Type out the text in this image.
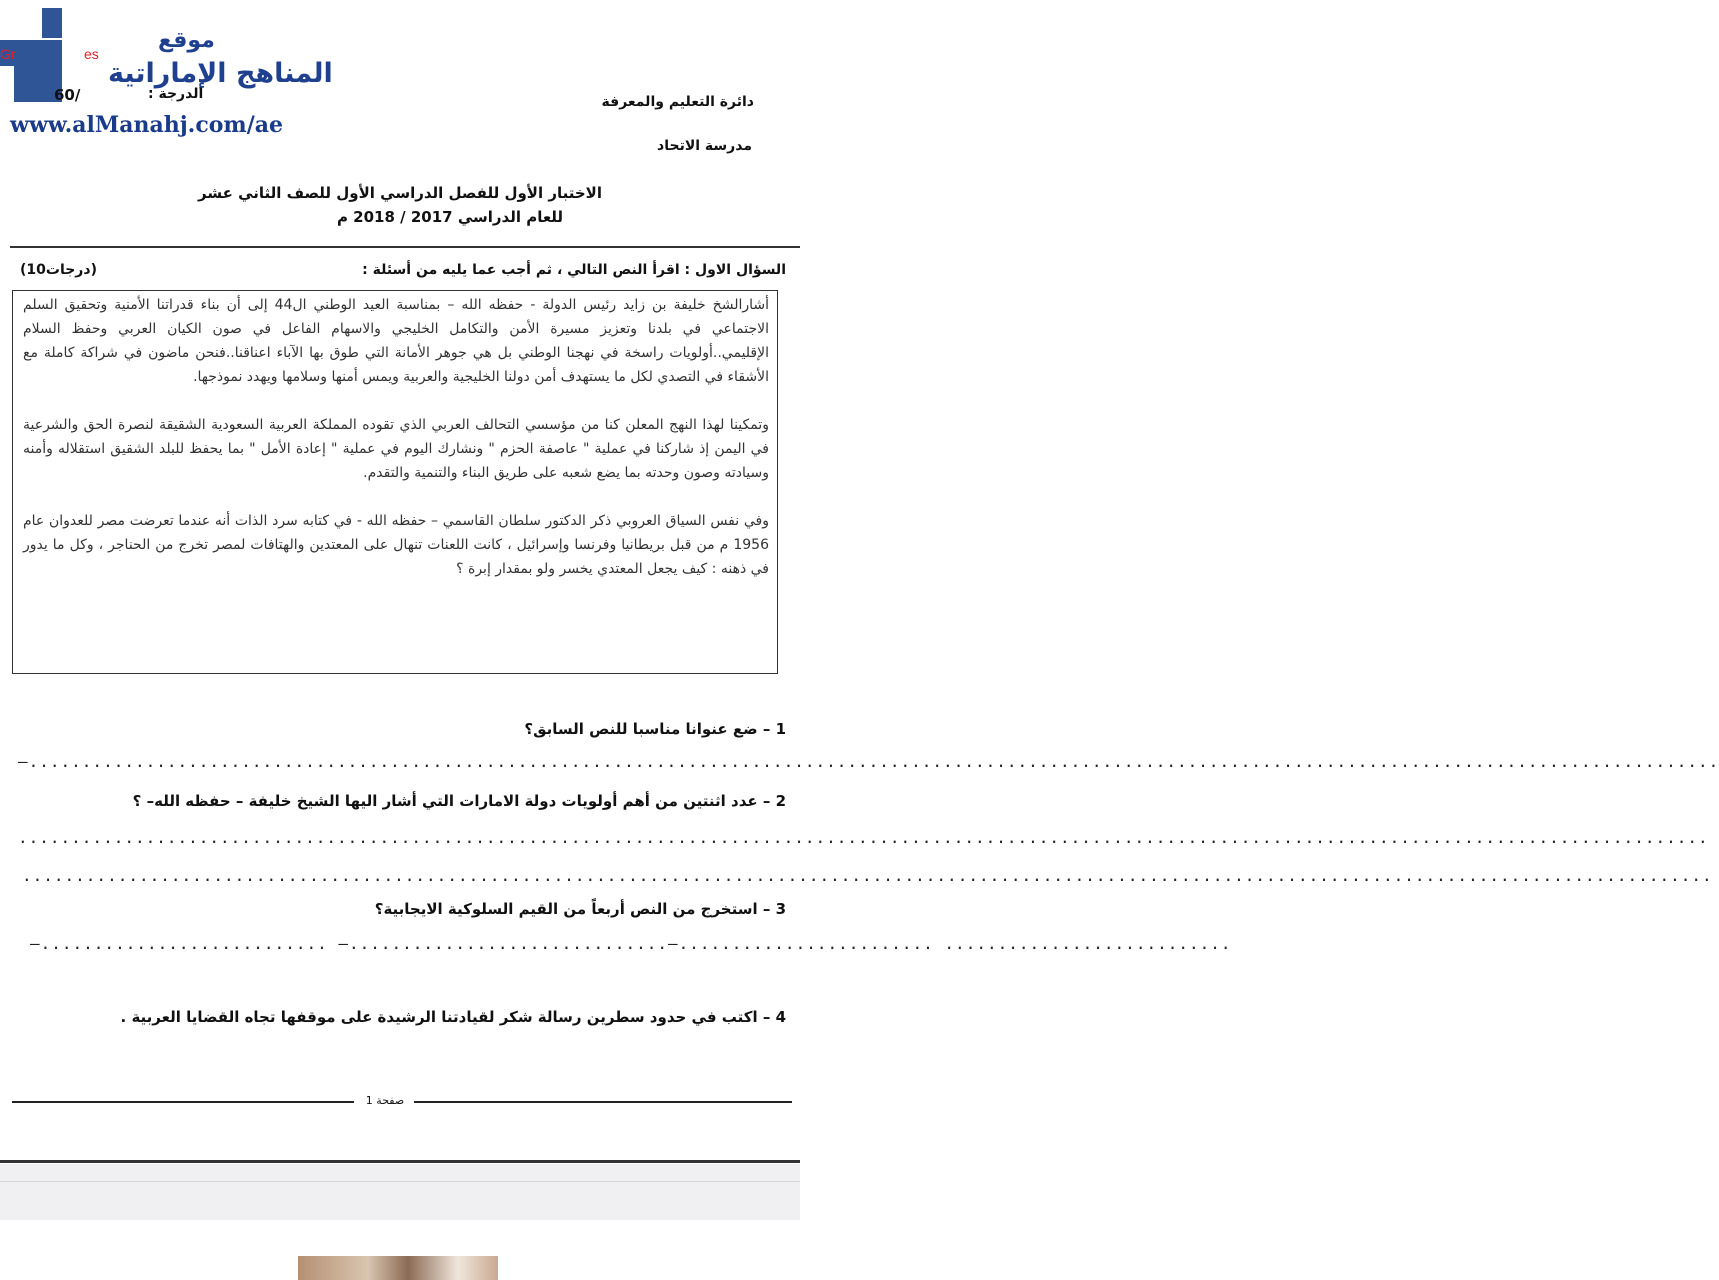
Gr	es
موقع
المناهج الإماراتية
www.alManahj.com/ae
الدرجة :
60/	دائرة التعليم والمعرفة
مدرسة الاتحاد
الاختبار الأول للفصل الدراسي الأول للصف الثاني عشر
للعام الدراسي 2017 / 2018 م
السؤال الاول : اقرأ النص التالي ، ثم أجب عما يليه من أسئلة :
(10درجات)

أشارالشخ خليفة بن زايد رئيس الدولة - حفظه الله – بمناسبة العيد الوطني ال44 إلى أن بناء قدراتنا الأمنية وتحقيق السلم الاجتماعي في بلدنا وتعزيز مسيرة الأمن والتكامل الخليجي والاسهام الفاعل في صون الكيان العربي وحفظ السلام الإقليمي..أولويات راسخة في نهجنا الوطني بل هي جوهر الأمانة التي طوق بها الآباء اعناقنا..فنحن ماضون في شراكة كاملة مع الأشقاء في التصدي لكل ما يستهدف أمن دولنا الخليجية والعربية ويمس أمنها وسلامها ويهدد نموذجها.

وتمكينا لهذا النهج المعلن كنا من مؤسسي التحالف العربي الذي تقوده المملكة العربية السعودية الشقيقة لنصرة الحق والشرعية في اليمن إذ شاركنا في عملية " عاصفة الحزم " ونشارك اليوم في عملية " إعادة الأمل " بما يحفظ للبلد الشقيق استقلاله وأمنه وسيادته وصون وحدته بما يضع شعبه على طريق البناء والتنمية والتقدم.

وفي نفس السياق العروبي ذكر الدكتور سلطان القاسمي – حفظه الله - في كتابه سرد الذات أنه عندما تعرضت مصر للعدوان عام 1956 م من قبل بريطانيا وفرنسا وإسرائيل ، كانت اللعنات تنهال على المعتدين والهتافات لمصر تخرج من الحناجر ، وكل ما يدور في ذهنه : كيف يجعل المعتدي يخسر ولو بمقدار إبرة ؟

1 – ضع عنوانا مناسبا للنص السابق؟
–...............................................................................................................................................................
2 – عدد اثنتين من أهم أولويات دولة الامارات التي أشار اليها الشيخ خليفة – حفظه الله– ؟
...............................................................................................................................................................
...............................................................................................................................................................
3 – استخرج من النص أربعاً من القيم السلوكية الايجابية؟
–........................... –..............................–........................ ...........................
4 – اكتب في حدود سطرين رسالة شكر لقيادتنا الرشيدة على موقفها تجاه القضايا العربية .
صفحة 1
